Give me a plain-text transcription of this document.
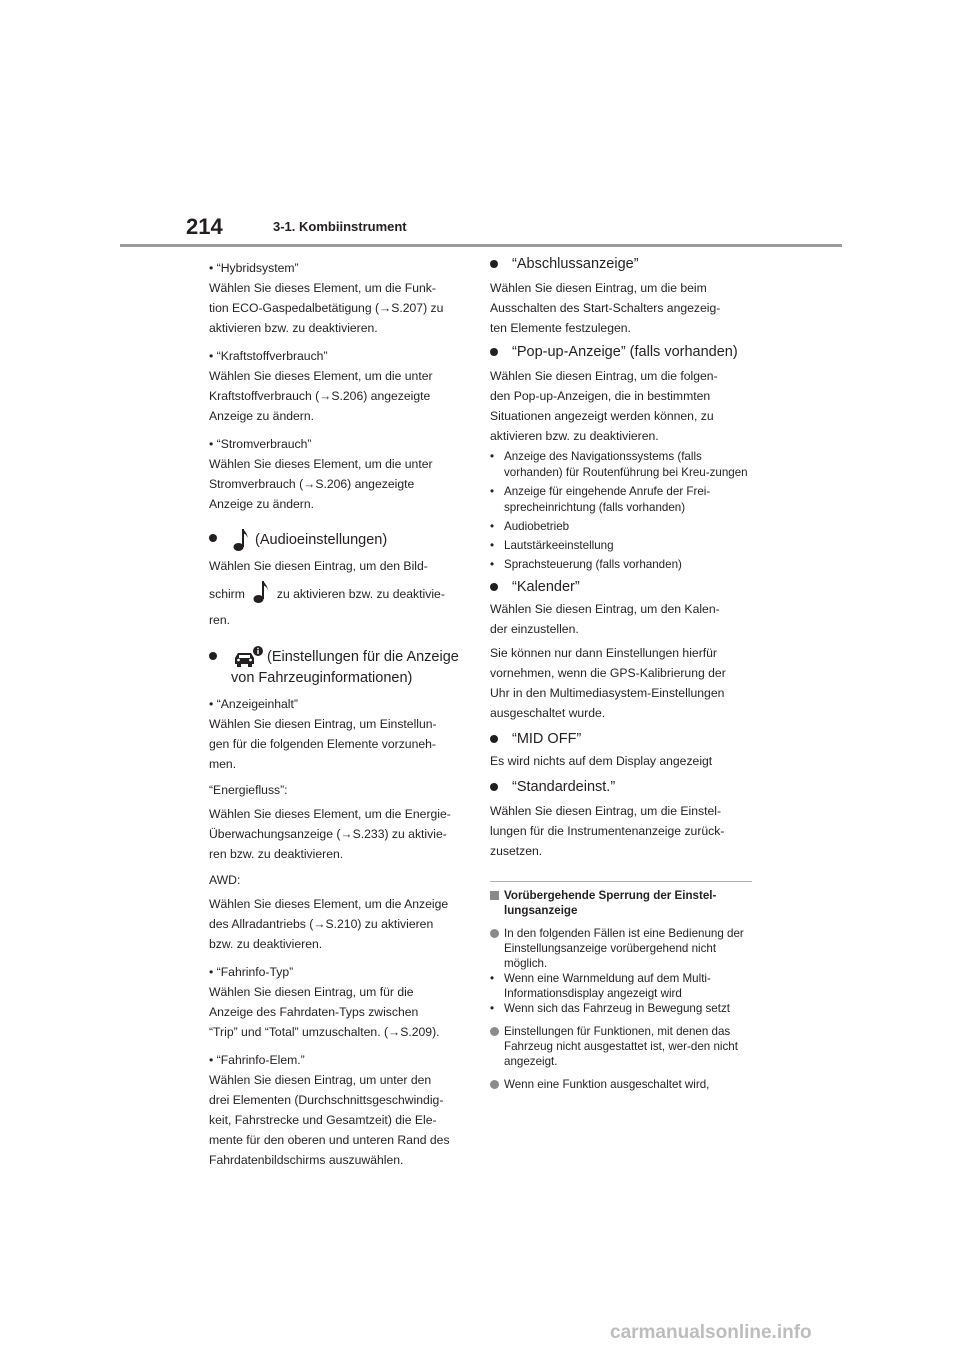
214	3-1. Kombiinstrument

• “Hybridsystem”

Wählen Sie dieses Element, um die Funk-

tion ECO-Gaspedalbetätigung (→S.207) zu

aktivieren bzw. zu deaktivieren.

• “Kraftstoffverbrauch”

Wählen Sie dieses Element, um die unter

Kraftstoffverbrauch (→S.206) angezeigte

Anzeige zu ändern.

• “Stromverbrauch”

Wählen Sie dieses Element, um die unter

Stromverbrauch (→S.206) angezeigte

Anzeige zu ändern.

(Audioeinstellungen)

Wählen Sie diesen Eintrag, um den Bild-

schirm	zu aktivieren bzw. zu deaktivie-

ren.

(Einstellungen für die Anzeige
von Fahrzeuginformationen)

• “Anzeigeinhalt”

Wählen Sie diesen Eintrag, um Einstellun-

gen für die folgenden Elemente vorzuneh-

men.

“Energiefluss”:

Wählen Sie dieses Element, um die Energie-

Überwachungsanzeige (→S.233) zu aktivie-

ren bzw. zu deaktivieren.

AWD:

Wählen Sie dieses Element, um die Anzeige

des Allradantriebs (→S.210) zu aktivieren

bzw. zu deaktivieren.

• “Fahrinfo-Typ”

Wählen Sie diesen Eintrag, um für die

Anzeige des Fahrdaten-Typs zwischen

“Trip” und “Total” umzuschalten. (→S.209).

• “Fahrinfo-Elem.”

Wählen Sie diesen Eintrag, um unter den

drei Elementen (Durchschnittsgeschwindig-

keit, Fahrstrecke und Gesamtzeit) die Ele-

mente für den oberen und unteren Rand des

Fahrdatenbildschirms auszuwählen.

“Abschlussanzeige”

Wählen Sie diesen Eintrag, um die beim

Ausschalten des Start-Schalters angezeig-

ten Elemente festzulegen.

“Pop-up-Anzeige” (falls vorhanden)

Wählen Sie diesen Eintrag, um die folgen-

den Pop-up-Anzeigen, die in bestimmten

Situationen angezeigt werden können, zu

aktivieren bzw. zu deaktivieren.

• Anzeige des Navigationssystems (falls vorhanden) für Routenführung bei Kreu-zungen
• Anzeige für eingehende Anrufe der Frei-sprecheinrichtung (falls vorhanden)
• Audiobetrieb
• Lautstärkeeinstellung
• Sprachsteuerung (falls vorhanden)
“Kalender”

Wählen Sie diesen Eintrag, um den Kalen-

der einzustellen.

Sie können nur dann Einstellungen hierfür

vornehmen, wenn die GPS-Kalibrierung der

Uhr in den Multimediasystem-Einstellungen

ausgeschaltet wurde.

“MID OFF”

Es wird nichts auf dem Display angezeigt

“Standardeinst.”

Wählen Sie diesen Eintrag, um die Einstel-

lungen für die Instrumentenanzeige zurück-

zusetzen.

Vorübergehende Sperrung der Einstel-lungsanzeige
In den folgenden Fällen ist eine Bedienung der Einstellungsanzeige vorübergehend nicht möglich.
• Wenn eine Warnmeldung auf dem Multi-Informationsdisplay angezeigt wird
• Wenn sich das Fahrzeug in Bewegung setzt
Einstellungen für Funktionen, mit denen das Fahrzeug nicht ausgestattet ist, wer-den nicht angezeigt.
Wenn eine Funktion ausgeschaltet wird,
carmanualsonline.info
